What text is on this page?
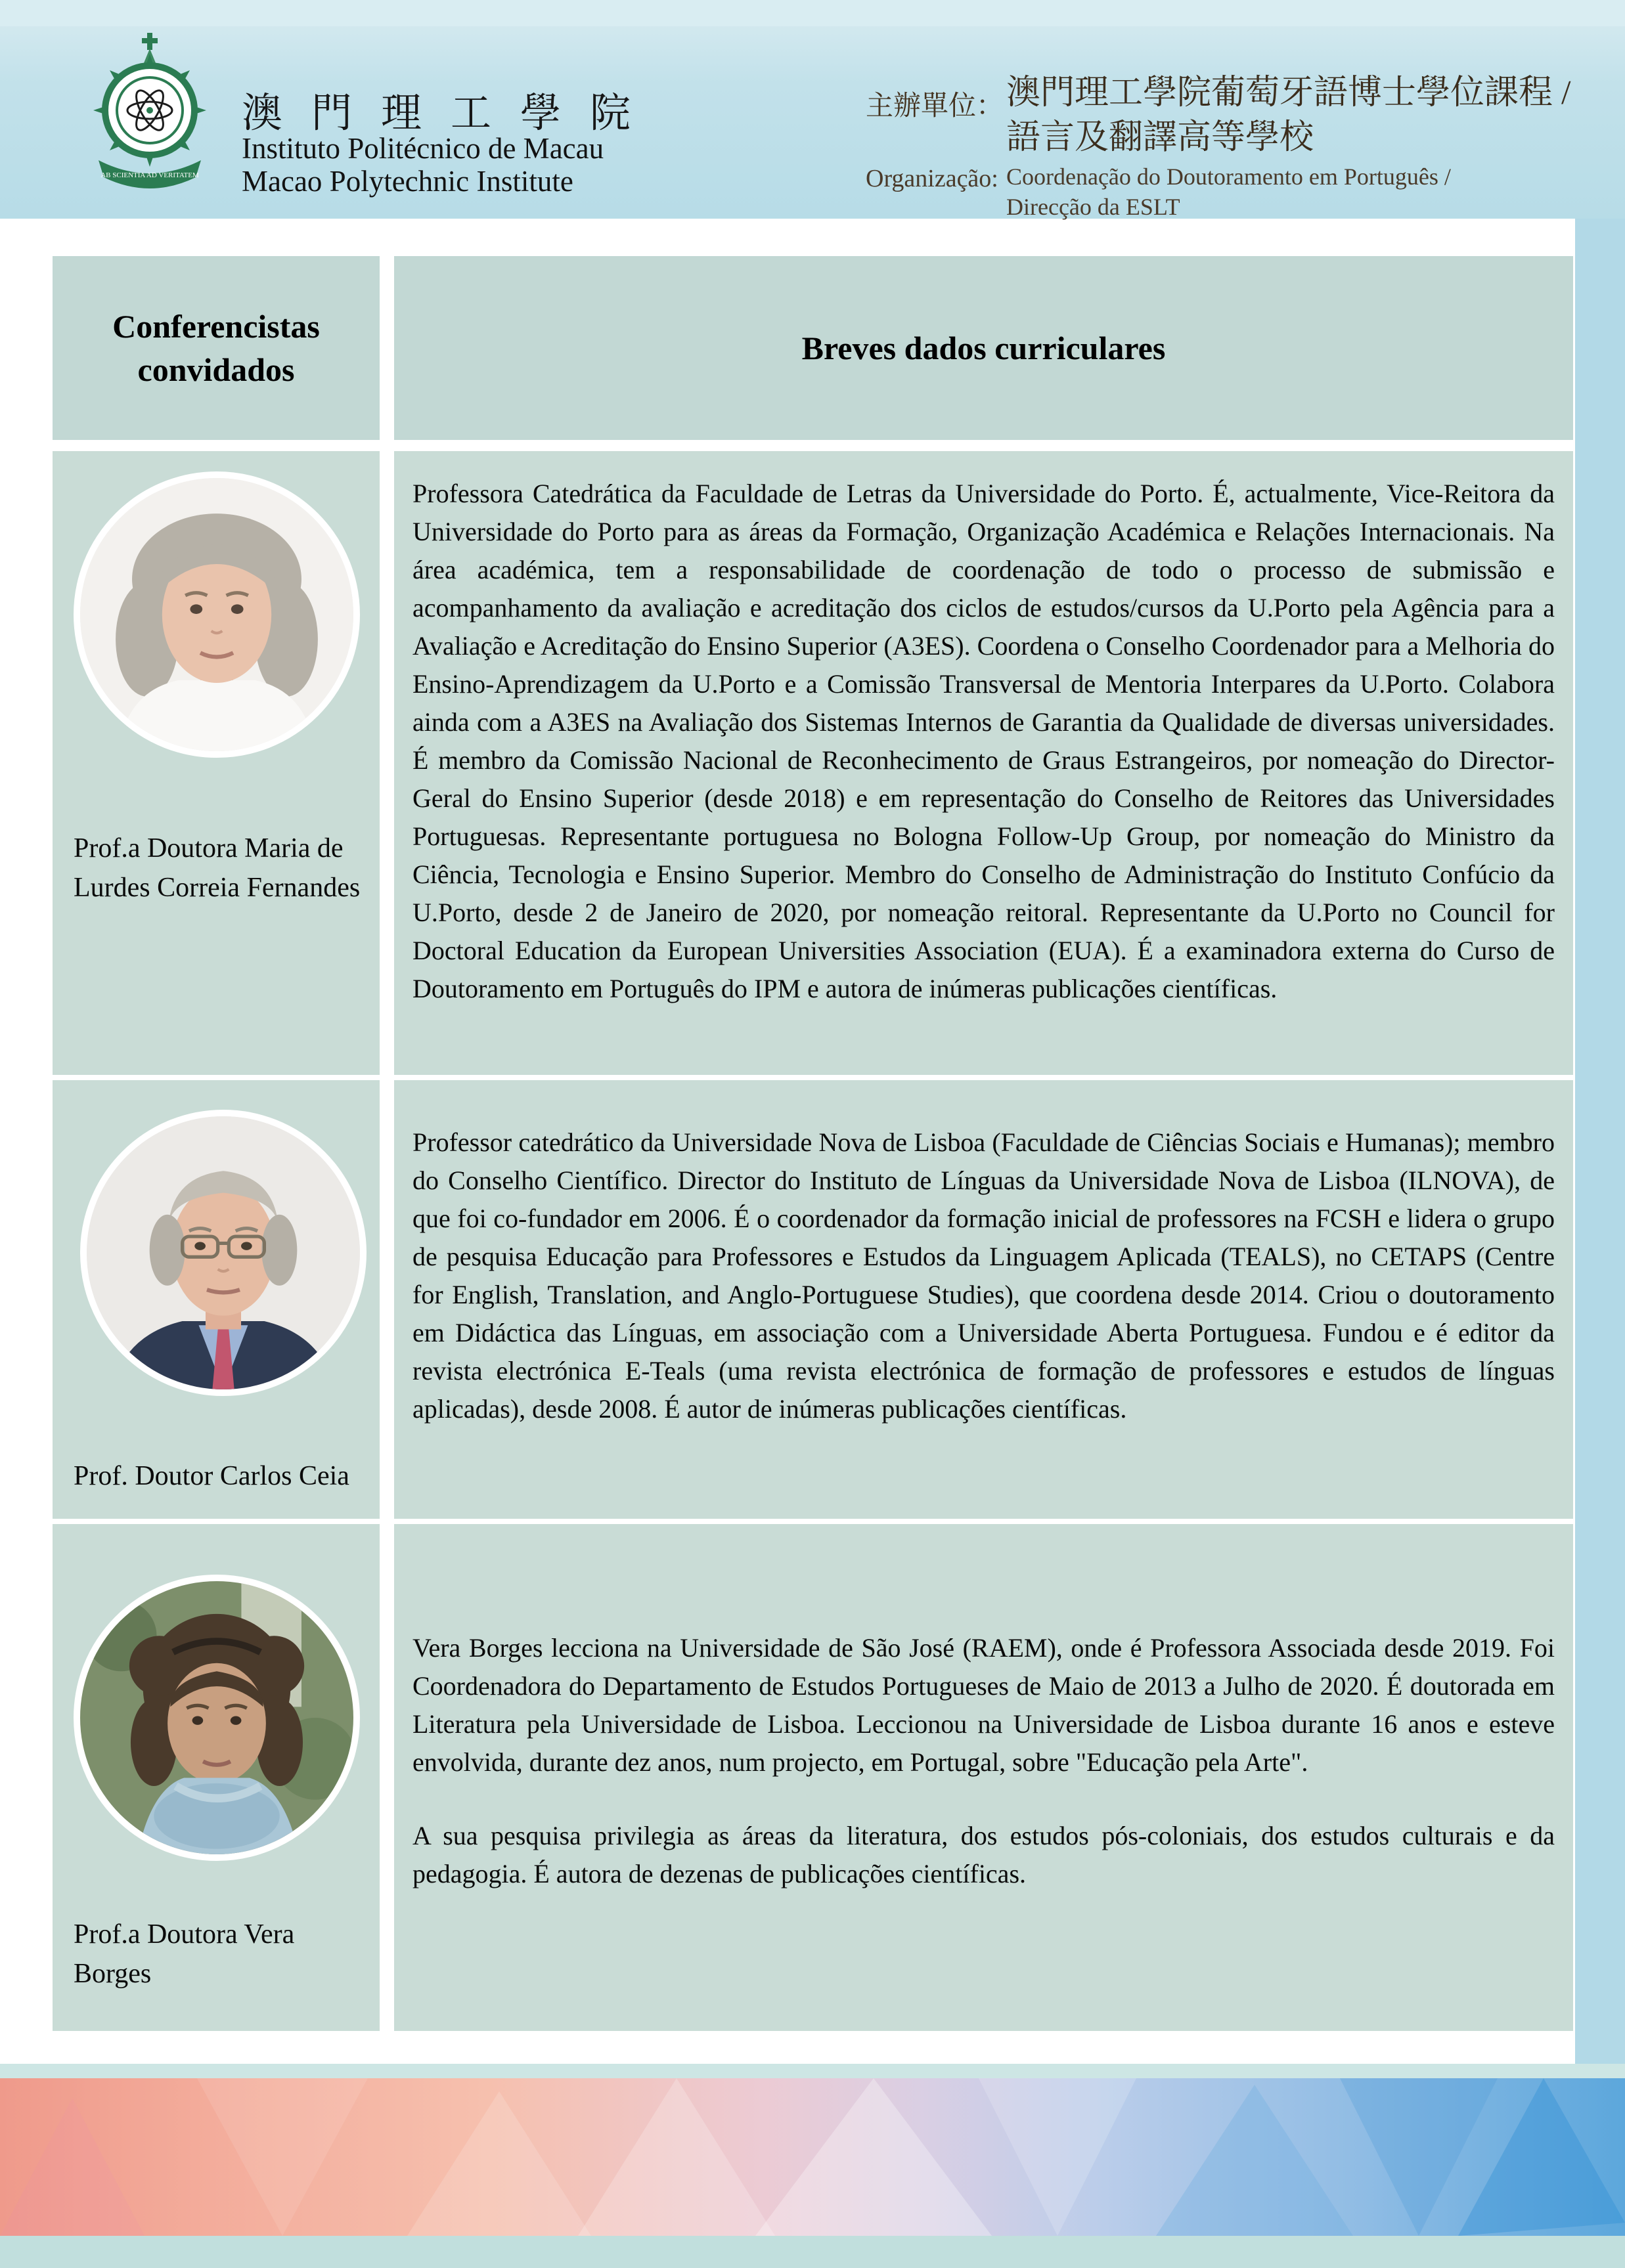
AB SCIENTIA AD VERITATEM
澳門理工學院
Instituto Politécnico de Macau
Macao Polytechnic Institute
主辦單位： 澳門理工學院葡萄牙語博士學位課程 /
語言及翻譯高等學校
Organização: Coordenação do Doutoramento em Português /
Direcção da ESLT
Conferencistas convidados
Breves dados curriculares

Professora Catedrática da Faculdade de Letras da Universidade do Porto. É, actualmente, Vice-Reitora da Universidade do Porto para as áreas da Formação, Organização Académica e Relações Internacionais. Na área académica, tem a responsabilidade de coordenação de todo o processo de submissão e acompanhamento da avaliação e acreditação dos ciclos de estudos/cursos da U.Porto pela Agência para a Avaliação e Acreditação do Ensino Superior (A3ES). Coordena o Conselho Coordenador para a Melhoria do Ensino-Aprendizagem da U.Porto e a Comissão Transversal de Mentoria Interpares da U.Porto. Colabora ainda com a A3ES na Avaliação dos Sistemas Internos de Garantia da Qualidade de diversas universidades. É membro da Comissão Nacional de Reconhecimento de Graus Estrangeiros, por nomeação do Director-Geral do Ensino Superior (desde 2018) e em representação do Conselho de Reitores das Universidades Portuguesas. Representante portuguesa no Bologna Follow-Up Group, por nomeação do Ministro da Ciência, Tecnologia e Ensino Superior. Membro do Conselho de Administração do Instituto Confúcio da U.Porto, desde 2 de Janeiro de 2020, por nomeação reitoral. Representante da U.Porto no Council for Doctoral Education da European Universities Association (EUA). É a examinadora externa do Curso de Doutoramento em Português do IPM e autora de inúmeras publicações científicas.

Prof.a Doutora Maria de Lurdes Correia Fernandes

Professor catedrático da Universidade Nova de Lisboa (Faculdade de Ciências Sociais e Humanas); membro do Conselho Científico. Director do Instituto de Línguas da Universidade Nova de Lisboa (ILNOVA), de que foi co-fundador em 2006. É o coordenador da formação inicial de professores na FCSH e lidera o grupo de pesquisa Educação para Professores e Estudos da Linguagem Aplicada (TEALS), no CETAPS (Centre for English, Translation, and Anglo-Portuguese Studies), que coordena desde 2014. Criou o doutoramento em Didáctica das Línguas, em associação com a Universidade Aberta Portuguesa. Fundou e é editor da revista electrónica E-Teals (uma revista electrónica de formação de professores e estudos de línguas aplicadas), desde 2008. É autor de inúmeras publicações científicas.

Prof. Doutor Carlos Ceia

Vera Borges lecciona na Universidade de São José (RAEM), onde é Professora Associada desde 2019. Foi Coordenadora do Departamento de Estudos Portugueses de Maio de 2013 a Julho de 2020. É doutorada em Literatura pela Universidade de Lisboa. Leccionou na Universidade de Lisboa durante 16 anos e esteve envolvida, durante dez anos, num projecto, em Portugal, sobre "Educação pela Arte".

A sua pesquisa privilegia as áreas da literatura, dos estudos pós-coloniais, dos estudos culturais e da pedagogia. É autora de dezenas de publicações científicas.

Prof.a Doutora Vera Borges
